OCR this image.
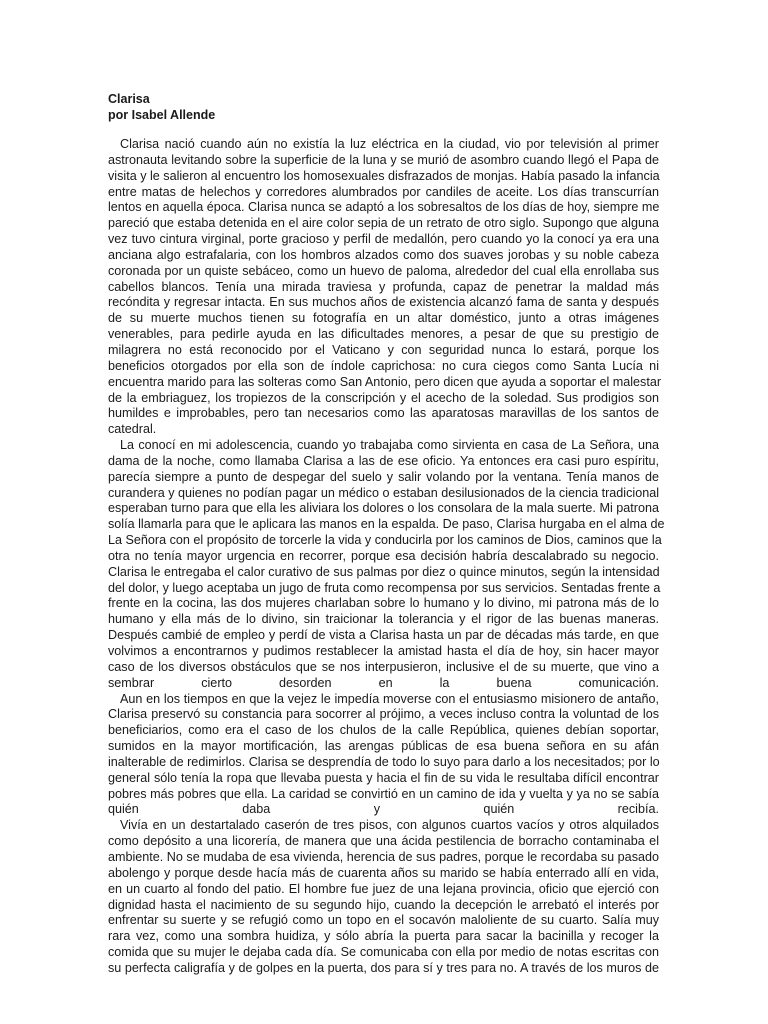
Clarisa

por Isabel Allende

Clarisa nació cuando aún no existía la luz eléctrica en la ciudad, vio por televisión al primer
astronauta levitando sobre la superficie de la luna y se murió de asombro cuando llegó el Papa de
visita y le salieron al encuentro los homosexuales disfrazados de monjas. Había pasado la infancia
entre matas de helechos y corredores alumbrados por candiles de aceite. Los días transcurrían
lentos en aquella época. Clarisa nunca se adaptó a los sobresaltos de los días de hoy, siempre me
pareció que estaba detenida en el aire color sepia de un retrato de otro siglo. Supongo que alguna
vez tuvo cintura virginal, porte gracioso y perfil de medallón, pero cuando yo la conocí ya era una
anciana algo estrafalaria, con los hombros alzados como dos suaves jorobas y su noble cabeza
coronada por un quiste sebáceo, como un huevo de paloma, alrededor del cual ella enrollaba sus
cabellos blancos. Tenía una mirada traviesa y profunda, capaz de penetrar la maldad más
recóndita y regresar intacta. En sus muchos años de existencia alcanzó fama de santa y después
de su muerte muchos tienen su fotografía en un altar doméstico, junto a otras imágenes
venerables, para pedirle ayuda en las dificultades menores, a pesar de que su prestigio de
milagrera no está reconocido por el Vaticano y con seguridad nunca lo estará, porque los
beneficios otorgados por ella son de índole caprichosa: no cura ciegos como Santa Lucía ni
encuentra marido para las solteras como San Antonio, pero dicen que ayuda a soportar el malestar
de la embriaguez, los tropiezos de la conscripción y el acecho de la soledad. Sus prodigios son
humildes e improbables, pero tan necesarios como las aparatosas maravillas de los santos de
catedral.

La conocí en mi adolescencia, cuando yo trabajaba como sirvienta en casa de La Señora, una
dama de la noche, como llamaba Clarisa a las de ese oficio. Ya entonces era casi puro espíritu,
parecía siempre a punto de despegar del suelo y salir volando por la ventana. Tenía manos de
curandera y quienes no podían pagar un médico o estaban desilusionados de la ciencia tradicional
esperaban turno para que ella les aliviara los dolores o los consolara de la mala suerte. Mi patrona
solía llamarla para que le aplicara las manos en la espalda. De paso, Clarisa hurgaba en el alma de
La Señora con el propósito de torcerle la vida y conducirla por los caminos de Dios, caminos que la
otra no tenía mayor urgencia en recorrer, porque esa decisión habría descalabrado su negocio.
Clarisa le entregaba el calor curativo de sus palmas por diez o quince minutos, según la intensidad
del dolor, y luego aceptaba un jugo de fruta como recompensa por sus servicios. Sentadas frente a
frente en la cocina, las dos mujeres charlaban sobre lo humano y lo divino, mi patrona más de lo
humano y ella más de lo divino, sin traicionar la tolerancia y el rigor de las buenas maneras.
Después cambié de empleo y perdí de vista a Clarisa hasta un par de décadas más tarde, en que
volvimos a encontrarnos y pudimos restablecer la amistad hasta el día de hoy, sin hacer mayor
caso de los diversos obstáculos que se nos interpusieron, inclusive el de su muerte, que vino a
sembrar cierto desorden en la buena comunicación.

Aun en los tiempos en que la vejez le impedía moverse con el entusiasmo misionero de antaño,
Clarisa preservó su constancia para socorrer al prójimo, a veces incluso contra la voluntad de los
beneficiarios, como era el caso de los chulos de la calle República, quienes debían soportar,
sumidos en la mayor mortificación, las arengas públicas de esa buena señora en su afán
inalterable de redimirlos. Clarisa se desprendía de todo lo suyo para darlo a los necesitados; por lo
general sólo tenía la ropa que llevaba puesta y hacia el fin de su vida le resultaba difícil encontrar
pobres más pobres que ella. La caridad se convirtió en un camino de ida y vuelta y ya no se sabía
quién daba y quién recibía.

Vivía en un destartalado caserón de tres pisos, con algunos cuartos vacíos y otros alquilados
como depósito a una licorería, de manera que una ácida pestilencia de borracho contaminaba el
ambiente. No se mudaba de esa vivienda, herencia de sus padres, porque le recordaba su pasado
abolengo y porque desde hacía más de cuarenta años su marido se había enterrado allí en vida,
en un cuarto al fondo del patio. El hombre fue juez de una lejana provincia, oficio que ejerció con
dignidad hasta el nacimiento de su segundo hijo, cuando la decepción le arrebató el interés por
enfrentar su suerte y se refugió como un topo en el socavón maloliente de su cuarto. Salía muy
rara vez, como una sombra huidiza, y sólo abría la puerta para sacar la bacinilla y recoger la
comida que su mujer le dejaba cada día. Se comunicaba con ella por medio de notas escritas con
su perfecta caligrafía y de golpes en la puerta, dos para sí y tres para no. A través de los muros de
